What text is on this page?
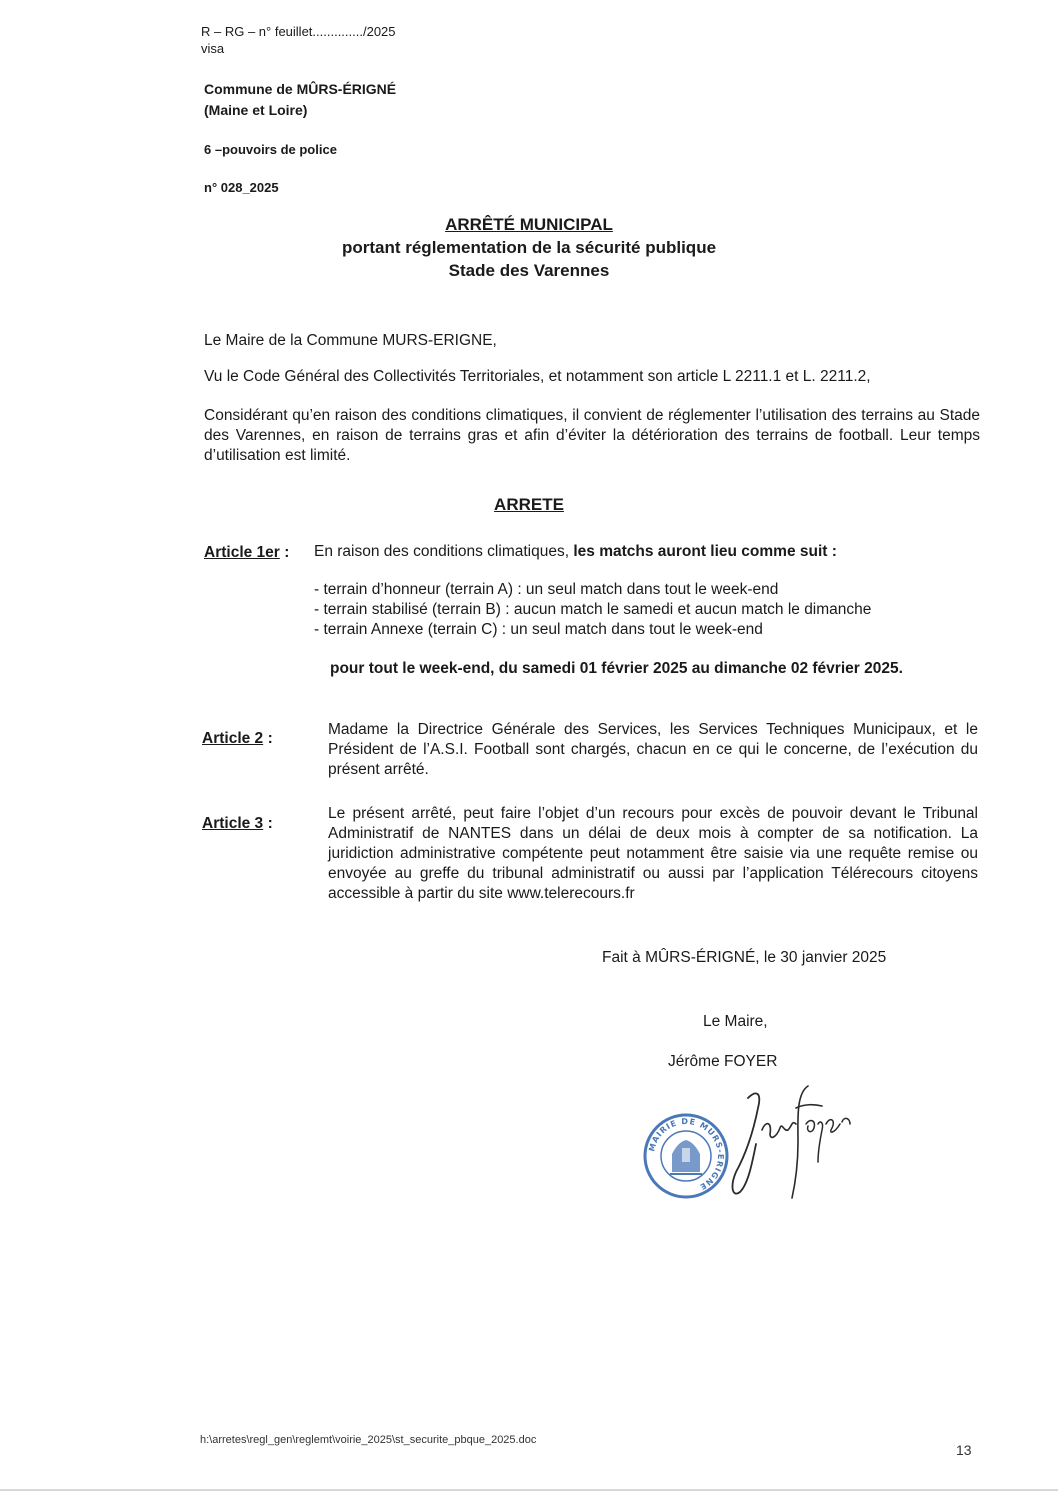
R – RG – n° feuillet............../2025
visa
Commune de MÛRS-ÉRIGNÉ
(Maine et Loire)
6 –pouvoirs de police
n° 028_2025
ARRÊTÉ MUNICIPAL
portant réglementation de la sécurité publique
Stade des Varennes
Le Maire de la Commune MURS-ERIGNE,
Vu le Code Général des Collectivités Territoriales, et notamment son article L 2211.1 et L. 2211.2,
Considérant qu’en raison des conditions climatiques, il convient de réglementer l’utilisation des terrains au Stade des Varennes, en raison de terrains gras et afin d’éviter la détérioration des terrains de football. Leur temps d’utilisation est limité.
ARRETE
Article 1er : En raison des conditions climatiques, les matchs auront lieu comme suit :
- terrain d’honneur (terrain A) : un seul match dans tout le week-end
- terrain stabilisé (terrain B) : aucun match le samedi et aucun match le dimanche
- terrain Annexe (terrain C) : un seul match dans tout le week-end
pour tout le week-end, du samedi 01 février 2025 au dimanche 02 février 2025.
Article 2 :
Madame la Directrice Générale des Services, les Services Techniques Municipaux, et le Président de l’A.S.I. Football sont chargés, chacun en ce qui le concerne, de l’exécution du présent arrêté.
Article 3 :
Le présent arrêté, peut faire l’objet d’un recours pour excès de pouvoir devant le Tribunal Administratif de NANTES dans un délai de deux mois à compter de sa notification. La juridiction administrative compétente peut notamment être saisie via une requête remise ou envoyée au greffe du tribunal administratif ou aussi par l’application Télérecours citoyens accessible à partir du site www.telerecours.fr
Fait à MÛRS-ÉRIGNÉ, le 30 janvier 2025
Le Maire,
Jérôme FOYER
MAIRIE DE MURS-ERIGNE
h:\arretes\regl_gen\reglemt\voirie_2025\st_securite_pbque_2025.doc
13
